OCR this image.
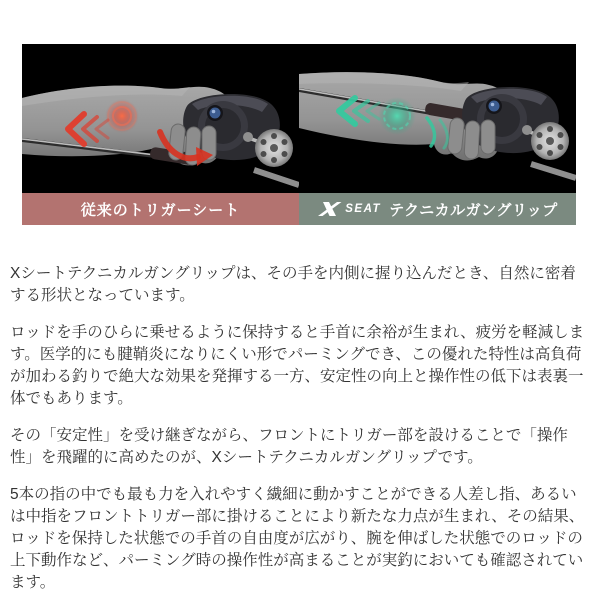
従来のトリガーシート	SEAT テクニカルガングリップ

Xシートテクニカルガングリップは、その手を内側に握り込んだとき、自然に密着する形状となっています。

ロッドを手のひらに乗せるように保持すると手首に余裕が生まれ、疲労を軽減します。医学的にも腱鞘炎になりにくい形でパーミングでき、この優れた特性は高負荷が加わる釣りで絶大な効果を発揮する一方、安定性の向上と操作性の低下は表裏一体でもあります。

その「安定性」を受け継ぎながら、フロントにトリガー部を設けることで「操作性」を飛躍的に高めたのが、Xシートテクニカルガングリップです。

5本の指の中でも最も力を入れやすく繊細に動かすことができる人差し指、あるいは中指をフロントトリガー部に掛けることにより新たな力点が生まれ、その結果、ロッドを保持した状態での手首の自由度が広がり、腕を伸ばした状態でのロッドの上下動作など、パーミング時の操作性が高まることが実釣においても確認されています。
